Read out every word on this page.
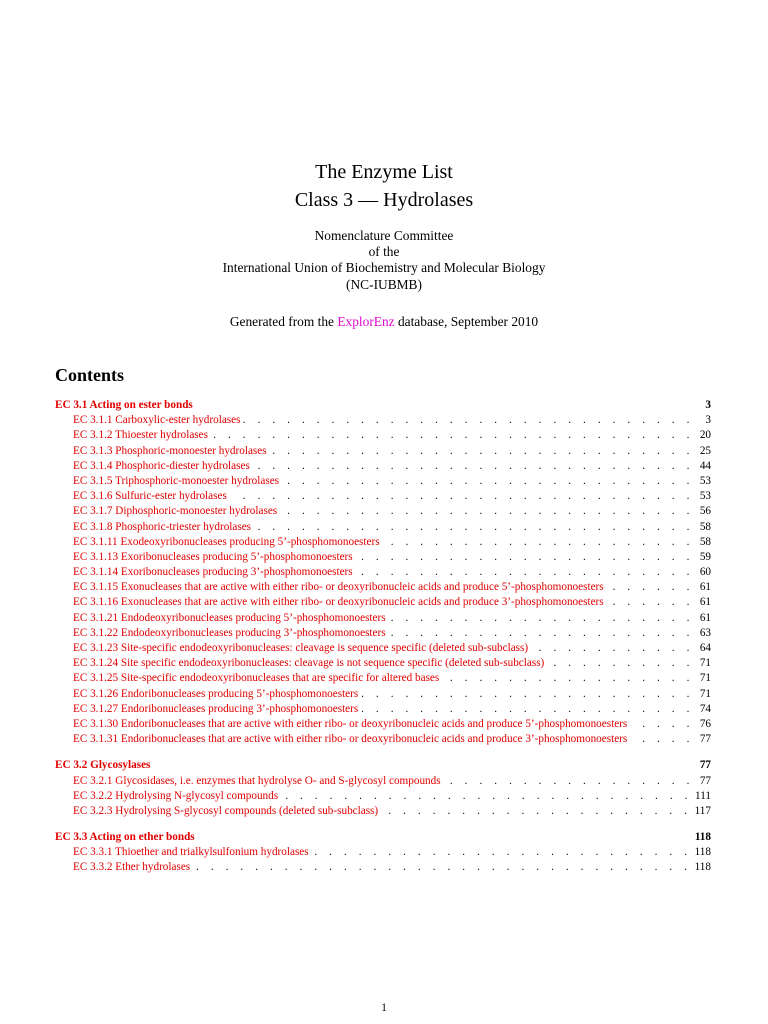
The Enzyme List
Class 3 — Hydrolases
Nomenclature Committee
of the
International Union of Biochemistry and Molecular Biology
(NC-IUBMB)
Generated from the ExplorEnz database, September 2010
Contents
EC 3.1 Acting on ester bonds	3
EC 3.1.1 Carboxylic-ester hydrolases . . .	3
EC 3.1.2 Thioester hydrolases . . .	20
EC 3.1.3 Phosphoric-monoester hydrolases . . .	25
EC 3.1.4 Phosphoric-diester hydrolases . . .	44
EC 3.1.5 Triphosphoric-monoester hydrolases . . .	53
EC 3.1.6 Sulfuric-ester hydrolases . . .	53
EC 3.1.7 Diphosphoric-monoester hydrolases . . .	56
EC 3.1.8 Phosphoric-triester hydrolases . . .	58
EC 3.1.11 Exodeoxyribonucleases producing 5’-phosphomonoesters . . .	58
EC 3.1.13 Exoribonucleases producing 5’-phosphomonoesters . . .	59
EC 3.1.14 Exoribonucleases producing 3’-phosphomonoesters . . .	60
EC 3.1.15 Exonucleases that are active with either ribo- or deoxyribonucleic acids and produce 5’-phosphomonoesters . . .	61
EC 3.1.16 Exonucleases that are active with either ribo- or deoxyribonucleic acids and produce 3’-phosphomonoesters . . .	61
EC 3.1.21 Endodeoxyribonucleases producing 5’-phosphomonoesters . . .	61
EC 3.1.22 Endodeoxyribonucleases producing 3’-phosphomonoesters . . .	63
EC 3.1.23 Site-specific endodeoxyribonucleases: cleavage is sequence specific (deleted sub-subclass) . . .	64
EC 3.1.24 Site specific endodeoxyribonucleases: cleavage is not sequence specific (deleted sub-subclass) . . .	71
EC 3.1.25 Site-specific endodeoxyribonucleases that are specific for altered bases . . .	71
EC 3.1.26 Endoribonucleases producing 5’-phosphomonoesters . . .	71
EC 3.1.27 Endoribonucleases producing 3’-phosphomonoesters . . .	74
EC 3.1.30 Endoribonucleases that are active with either ribo- or deoxyribonucleic acids and produce 5’-phosphomonoesters . . .	76
EC 3.1.31 Endoribonucleases that are active with either ribo- or deoxyribonucleic acids and produce 3’-phosphomonoesters . . .	77
EC 3.2 Glycosylases	77
EC 3.2.1 Glycosidases, i.e. enzymes that hydrolyse O- and S-glycosyl compounds . . .	77
EC 3.2.2 Hydrolysing N-glycosyl compounds . . .	111
EC 3.2.3 Hydrolysing S-glycosyl compounds (deleted sub-subclass) . . .	117
EC 3.3 Acting on ether bonds	118
EC 3.3.1 Thioether and trialkylsulfonium hydrolases . . .	118
EC 3.3.2 Ether hydrolases . . .	118
1
